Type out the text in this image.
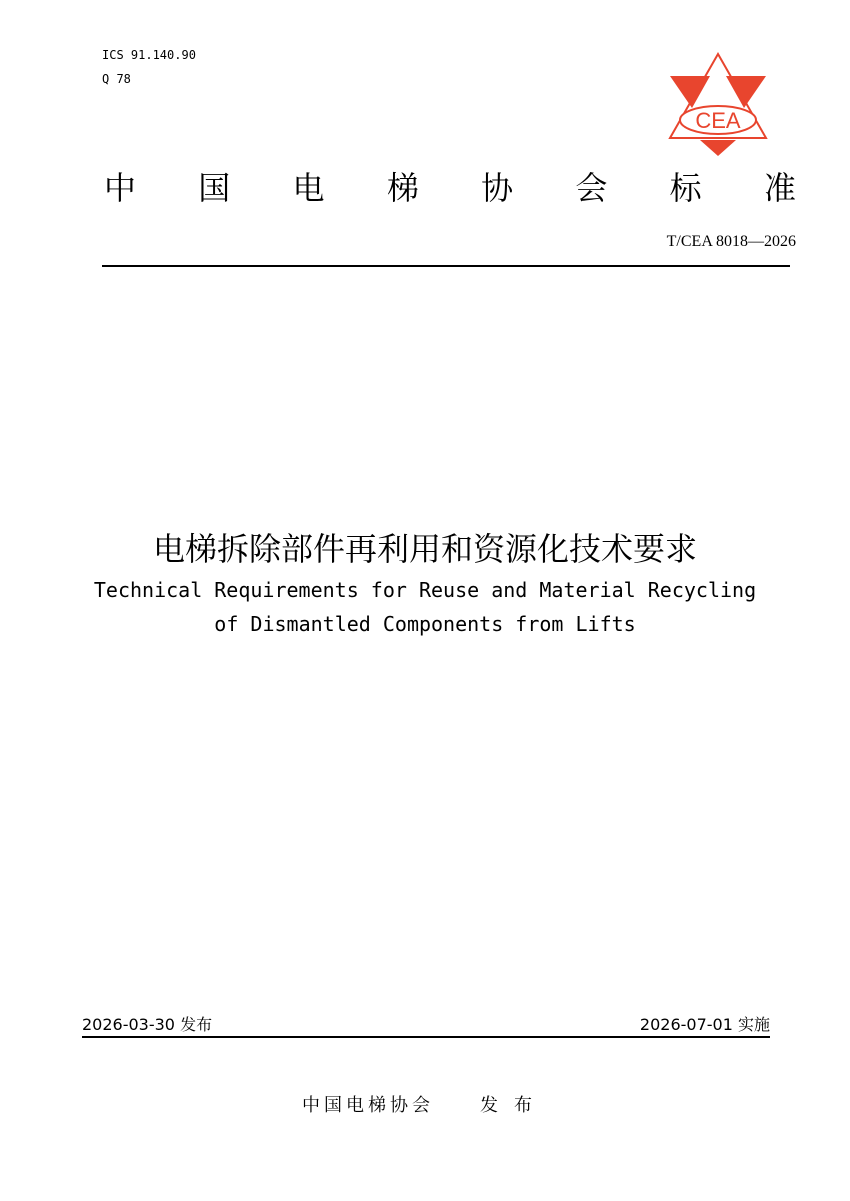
ICS 91.140.90
Q 78
CEA
中 国 电 梯 协 会 标 准
T/CEA 8018—2026
电梯拆除部件再利用和资源化技术要求
Technical Requirements for Reuse and Material Recycling
of Dismantled Components from Lifts
2026-03-30 发布	2026-07-01 实施
中国电梯协会	发布
